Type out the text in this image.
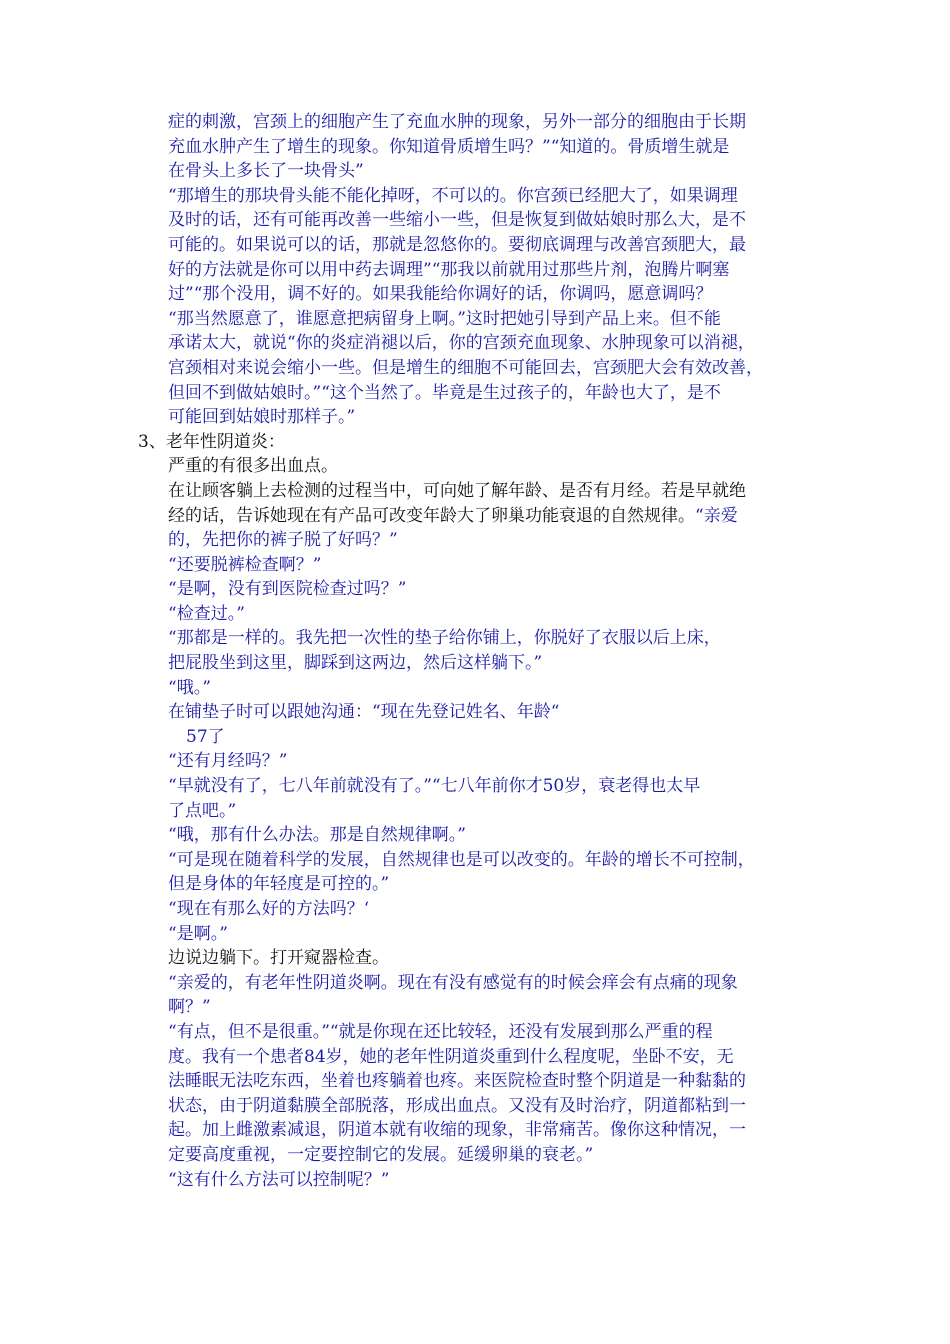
症的刺激，宫颈上的细胞产生了充血水肿的现象，另外一部分的细胞由于长期
充血水肿产生了增生的现象。你知道骨质增生吗？”“知道的。骨质增生就是
在骨头上多长了一块骨头”
“那增生的那块骨头能不能化掉呀，不可以的。你宫颈已经肥大了，如果调理
及时的话，还有可能再改善一些缩小一些，但是恢复到做姑娘时那么大，是不
可能的。如果说可以的话，那就是忽悠你的。要彻底调理与改善宫颈肥大，最
好的方法就是你可以用中药去调理”“那我以前就用过那些片剂，泡腾片啊塞
过”“那个没用，调不好的。如果我能给你调好的话，你调吗，愿意调吗？
“那当然愿意了，谁愿意把病留身上啊。”这时把她引导到产品上来。但不能
承诺太大，就说“你的炎症消褪以后，你的宫颈充血现象、水肿现象可以消褪，
宫颈相对来说会缩小一些。但是增生的细胞不可能回去，宫颈肥大会有效改善，
但回不到做姑娘时。”“这个当然了。毕竟是生过孩子的，年龄也大了，是不
可能回到姑娘时那样子。”
3、老年性阴道炎：
严重的有很多出血点。
在让顾客躺上去检测的过程当中，可向她了解年龄、是否有月经。若是早就绝
经的话，告诉她现在有产品可改变年龄大了卵巢功能衰退的自然规律。“亲爱
的，先把你的裤子脱了好吗？”
“还要脱裤检查啊？”
“是啊，没有到医院检查过吗？”
“检查过。”
“那都是一样的。我先把一次性的垫子给你铺上，你脱好了衣服以后上床，
把屁股坐到这里，脚踩到这两边，然后这样躺下。”
“哦。”
在铺垫子时可以跟她沟通：“现在先登记姓名、年龄“
57了
“还有月经吗？”
“早就没有了，七八年前就没有了。”“七八年前你才50岁，衰老得也太早
了点吧。”
“哦，那有什么办法。那是自然规律啊。”
“可是现在随着科学的发展，自然规律也是可以改变的。年龄的增长不可控制，
但是身体的年轻度是可控的。”
“现在有那么好的方法吗？‘
“是啊。”
边说边躺下。打开窥器检查。
“亲爱的，有老年性阴道炎啊。现在有没有感觉有的时候会痒会有点痛的现象
啊？”
“有点，但不是很重。”“就是你现在还比较轻，还没有发展到那么严重的程
度。我有一个患者84岁，她的老年性阴道炎重到什么程度呢，坐卧不安，无
法睡眠无法吃东西，坐着也疼躺着也疼。来医院检查时整个阴道是一种黏黏的
状态，由于阴道黏膜全部脱落，形成出血点。又没有及时治疗，阴道都粘到一
起。加上雌激素减退，阴道本就有收缩的现象，非常痛苦。像你这种情况，一
定要高度重视，一定要控制它的发展。延缓卵巢的衰老。”
“这有什么方法可以控制呢？”
